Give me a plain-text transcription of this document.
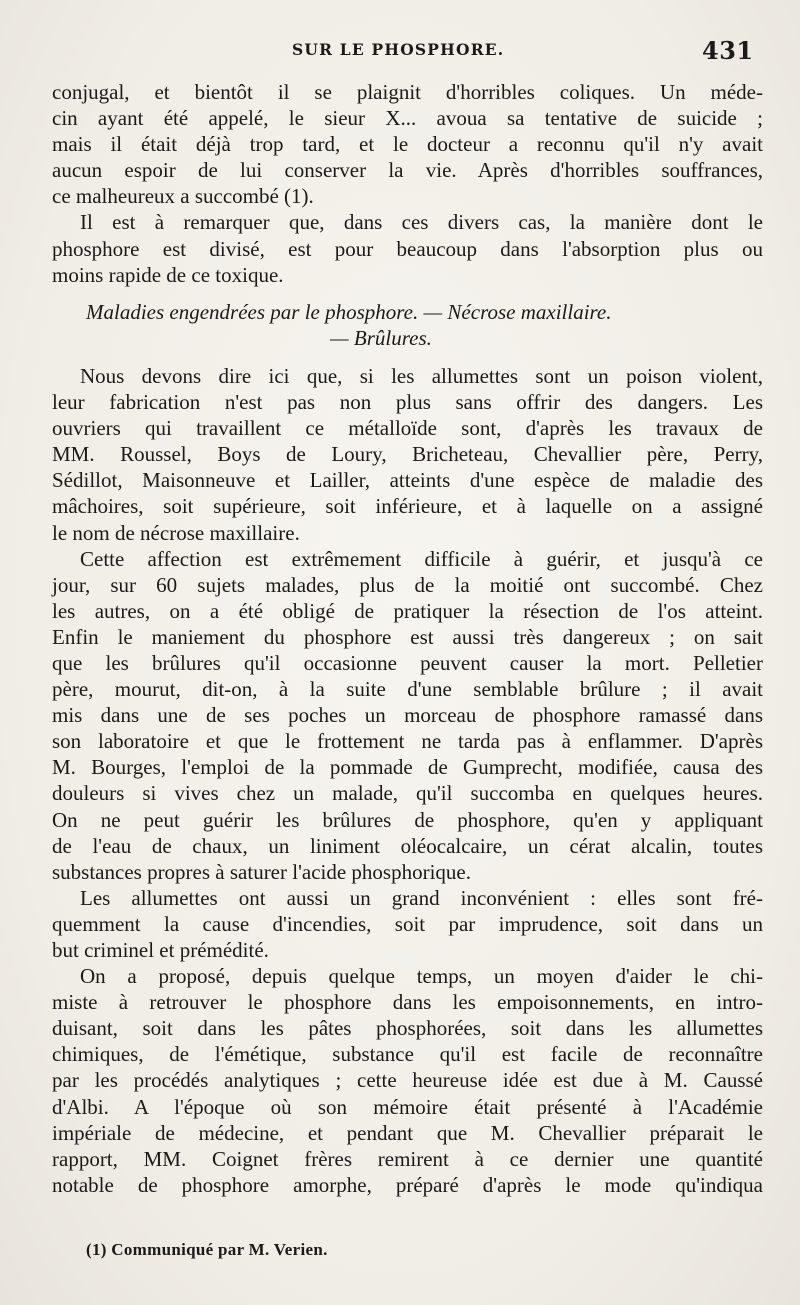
SUR LE PHOSPHORE.	431
conjugal, et bientôt il se plaignit d'horribles coliques. Un méde-
cin ayant été appelé, le sieur X... avoua sa tentative de suicide ;
mais il était déjà trop tard, et le docteur a reconnu qu'il n'y avait
aucun espoir de lui conserver la vie. Après d'horribles souffrances,
ce malheureux a succombé (1).
Il est à remarquer que, dans ces divers cas, la manière dont le
phosphore est divisé, est pour beaucoup dans l'absorption plus ou
moins rapide de ce toxique.
Maladies engendrées par le phosphore. — Nécrose maxillaire.
— Brûlures.
Nous devons dire ici que, si les allumettes sont un poison violent,
leur fabrication n'est pas non plus sans offrir des dangers. Les
ouvriers qui travaillent ce métalloïde sont, d'après les travaux de
MM. Roussel, Boys de Loury, Bricheteau, Chevallier père, Perry,
Sédillot, Maisonneuve et Lailler, atteints d'une espèce de maladie des
mâchoires, soit supérieure, soit inférieure, et à laquelle on a assigné
le nom de nécrose maxillaire.
Cette affection est extrêmement difficile à guérir, et jusqu'à ce
jour, sur 60 sujets malades, plus de la moitié ont succombé. Chez
les autres, on a été obligé de pratiquer la résection de l'os atteint.
Enfin le maniement du phosphore est aussi très dangereux ; on sait
que les brûlures qu'il occasionne peuvent causer la mort. Pelletier
père, mourut, dit-on, à la suite d'une semblable brûlure ; il avait
mis dans une de ses poches un morceau de phosphore ramassé dans
son laboratoire et que le frottement ne tarda pas à enflammer. D'après
M. Bourges, l'emploi de la pommade de Gumprecht, modifiée, causa des
douleurs si vives chez un malade, qu'il succomba en quelques heures.
On ne peut guérir les brûlures de phosphore, qu'en y appliquant
de l'eau de chaux, un liniment oléocalcaire, un cérat alcalin, toutes
substances propres à saturer l'acide phosphorique.
Les allumettes ont aussi un grand inconvénient : elles sont fré-
quemment la cause d'incendies, soit par imprudence, soit dans un
but criminel et prémédité.
On a proposé, depuis quelque temps, un moyen d'aider le chi-
miste à retrouver le phosphore dans les empoisonnements, en intro-
duisant, soit dans les pâtes phosphorées, soit dans les allumettes
chimiques, de l'émétique, substance qu'il est facile de reconnaître
par les procédés analytiques ; cette heureuse idée est due à M. Caussé
d'Albi. A l'époque où son mémoire était présenté à l'Académie
impériale de médecine, et pendant que M. Chevallier préparait le
rapport, MM. Coignet frères remirent à ce dernier une quantité
notable de phosphore amorphe, préparé d'après le mode qu'indiqua
(1) Communiqué par M. Verien.
